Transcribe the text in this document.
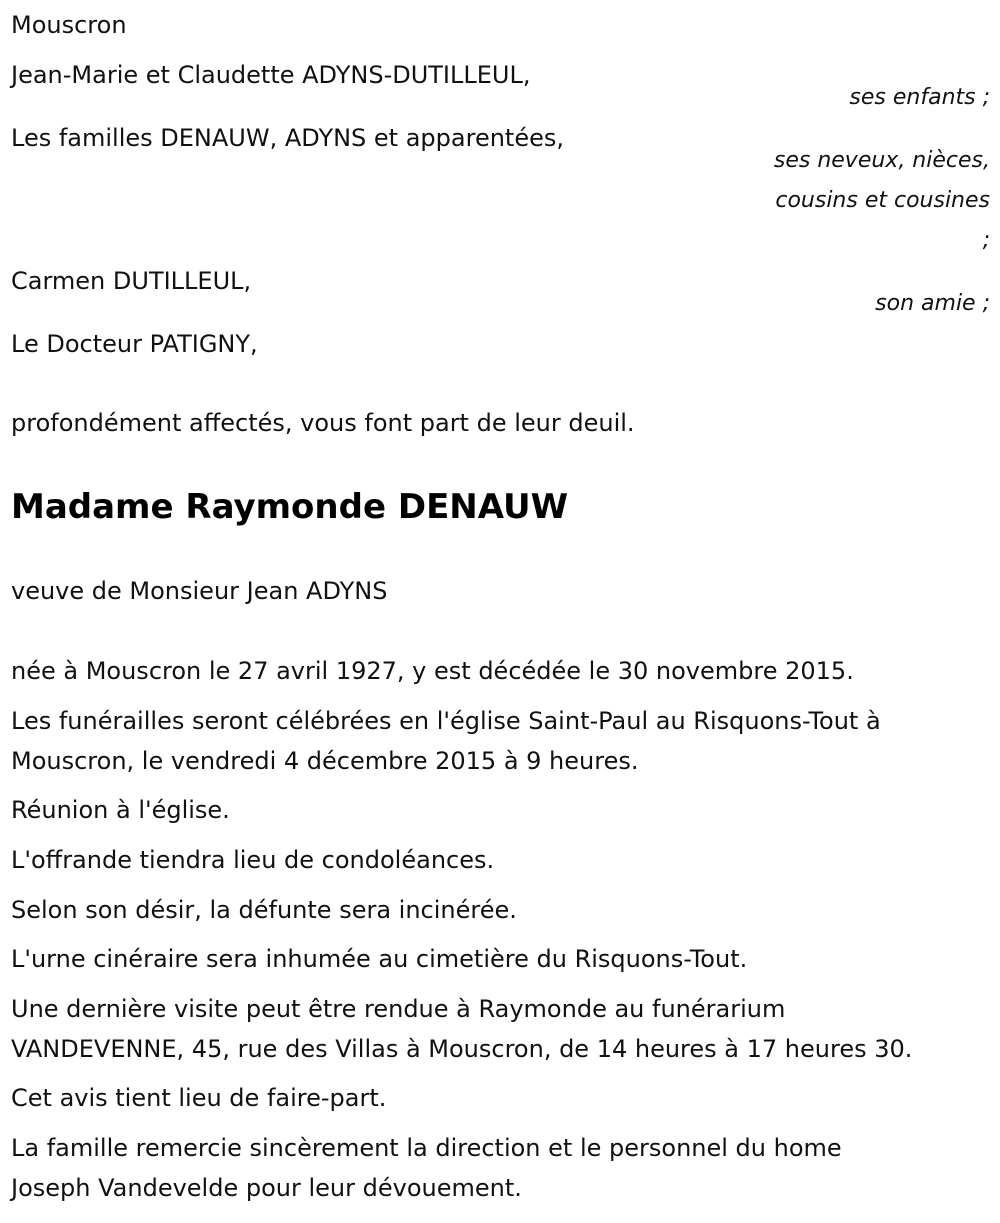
Mouscron
Jean-Marie et Claudette ADYNS-DUTILLEUL,
ses enfants ;
Les familles DENAUW, ADYNS et apparentées,
ses neveux, nièces,
cousins et cousines
;
Carmen DUTILLEUL,
son amie ;
Le Docteur PATIGNY,
profondément affectés, vous font part de leur deuil.
Madame Raymonde DENAUW
veuve de Monsieur Jean ADYNS
née à Mouscron le 27 avril 1927, y est décédée le 30 novembre 2015.
Les funérailles seront célébrées en l'église Saint-Paul au Risquons-Tout à
Mouscron, le vendredi 4 décembre 2015 à 9 heures.
Réunion à l'église.
L'offrande tiendra lieu de condoléances.
Selon son désir, la défunte sera incinérée.
L'urne cinéraire sera inhumée au cimetière du Risquons-Tout.
Une dernière visite peut être rendue à Raymonde au funérarium
VANDEVENNE, 45, rue des Villas à Mouscron, de 14 heures à 17 heures 30.
Cet avis tient lieu de faire-part.
La famille remercie sincèrement la direction et le personnel du home
Joseph Vandevelde pour leur dévouement.
